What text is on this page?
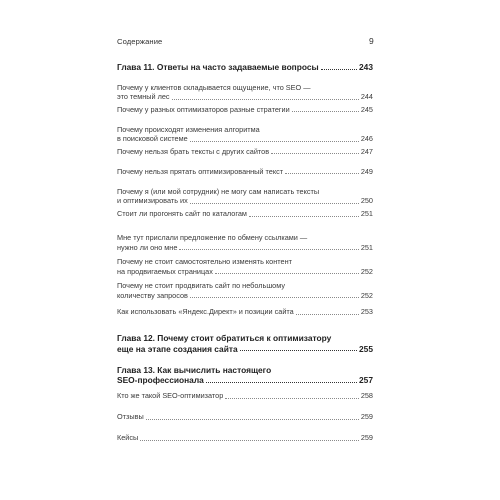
Содержание	9
Глава 11. Ответы на часто задаваемые вопросы	243
Почему у клиентов складывается ощущение, что SEO —
это темный лес	244
Почему у разных оптимизаторов разные стратегии	245
Почему происходят изменения алгоритма
в поисковой системе	246
Почему нельзя брать тексты с других сайтов	247
Почему нельзя прятать оптимизированный текст	249
Почему я (или мой сотрудник) не могу сам написать тексты
и оптимизировать их	250
Стоит ли прогонять сайт по каталогам	251
Мне тут прислали предложение по обмену ссылками —
нужно ли оно мне	251
Почему не стоит самостоятельно изменять контент
на продвигаемых страницах	252
Почему не стоит продвигать сайт по небольшому
количеству запросов	252
Как использовать «Яндекс.Директ» и позиции сайта	253
Глава 12. Почему стоит обратиться к оптимизатору
еще на этапе создания сайта	255
Глава 13. Как вычислить настоящего
SEO-профессионала	257
Кто же такой SEO-оптимизатор	258
Отзывы	259
Кейсы	259
